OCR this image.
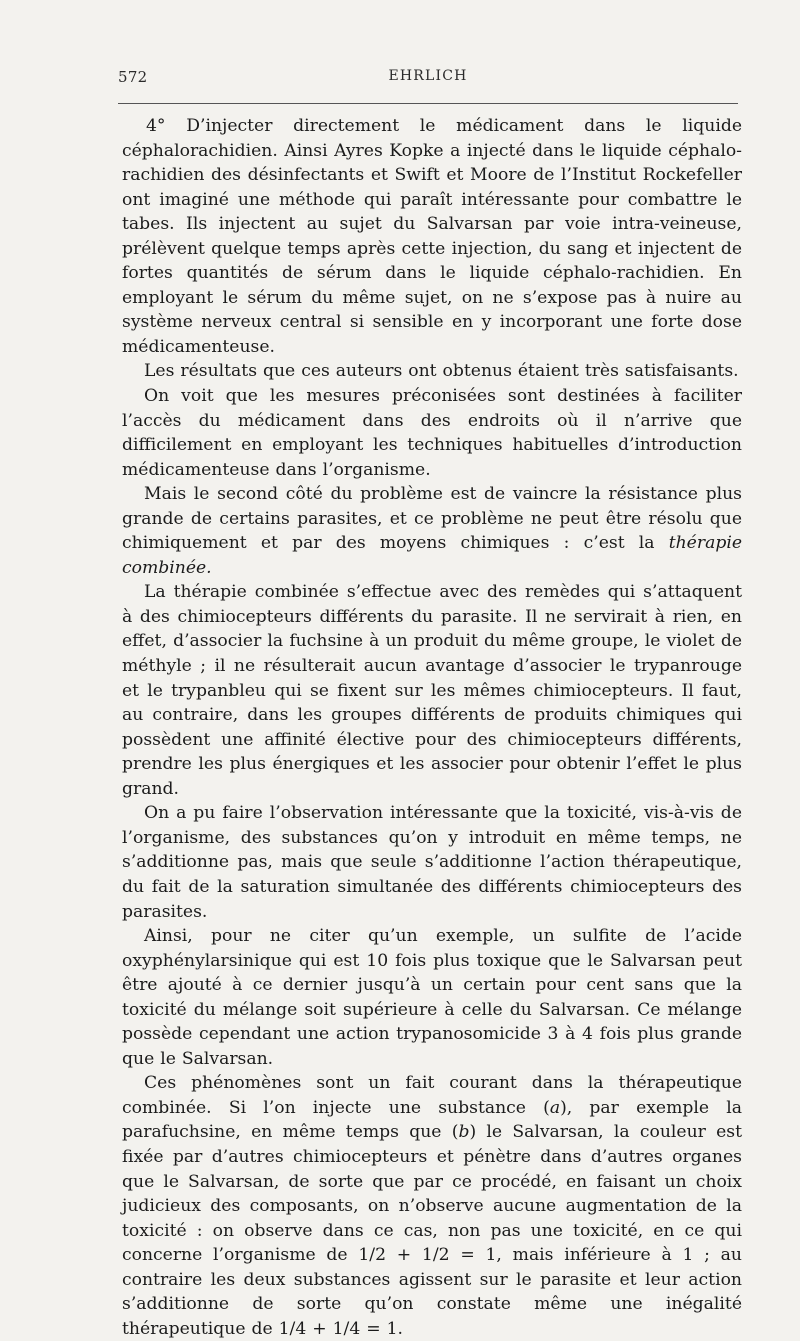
572	EHRLICH

4° D’injecter directement le médicament dans le liquide céphalorachidien. Ainsi Ayres Kopke a injecté dans le liquide céphalo-rachidien des désinfectants et Swift et Moore de l’Institut Rockefeller ont imaginé une méthode qui paraît intéressante pour combattre le tabes. Ils injectent au sujet du Salvarsan par voie intra-veineuse, prélèvent quelque temps après cette injection, du sang et injectent de fortes quantités de sérum dans le liquide céphalo-rachidien. En employant le sérum du même sujet, on ne s’expose pas à nuire au système nerveux central si sensible en y incorporant une forte dose médicamenteuse.

Les résultats que ces auteurs ont obtenus étaient très satisfaisants.

On voit que les mesures préconisées sont destinées à faciliter l’accès du médicament dans des endroits où il n’arrive que difficilement en employant les techniques habituelles d’introduction médicamenteuse dans l’organisme.

Mais le second côté du problème est de vaincre la résistance plus grande de certains parasites, et ce problème ne peut être résolu que chimiquement et par des moyens chimiques : c’est la thérapie combinée.

La thérapie combinée s’effectue avec des remèdes qui s’attaquent à des chimiocepteurs différents du parasite. Il ne servirait à rien, en effet, d’associer la fuchsine à un produit du même groupe, le violet de méthyle ; il ne résulterait aucun avantage d’associer le trypanrouge et le trypanbleu qui se fixent sur les mêmes chimiocepteurs. Il faut, au contraire, dans les groupes différents de produits chimiques qui possèdent une affinité élective pour des chimiocepteurs différents, prendre les plus énergiques et les associer pour obtenir l’effet le plus grand.

On a pu faire l’observation intéressante que la toxicité, vis-à-vis de l’organisme, des substances qu’on y introduit en même temps, ne s’additionne pas, mais que seule s’additionne l’action thérapeutique, du fait de la saturation simultanée des différents chimiocepteurs des parasites.

Ainsi, pour ne citer qu’un exemple, un sulfite de l’acide oxyphénylarsinique qui est 10 fois plus toxique que le Salvarsan peut être ajouté à ce dernier jusqu’à un certain pour cent sans que la toxicité du mélange soit supérieure à celle du Salvarsan. Ce mélange possède cependant une action trypanosomicide 3 à 4 fois plus grande que le Salvarsan.

Ces phénomènes sont un fait courant dans la thérapeutique combinée. Si l’on injecte une substance (a), par exemple la parafuchsine, en même temps que (b) le Salvarsan, la couleur est fixée par d’autres chimiocepteurs et pénètre dans d’autres organes que le Salvarsan, de sorte que par ce procédé, en faisant un choix judicieux des composants, on n’observe aucune augmentation de la toxicité : on observe dans ce cas, non pas une toxicité, en ce qui concerne l’organisme de 1/2 + 1/2 = 1, mais inférieure à 1 ; au contraire les deux substances agissent sur le parasite et leur action s’additionne de sorte qu’on constate même une inégalité thérapeutique de 1/4 + 1/4 = 1.
